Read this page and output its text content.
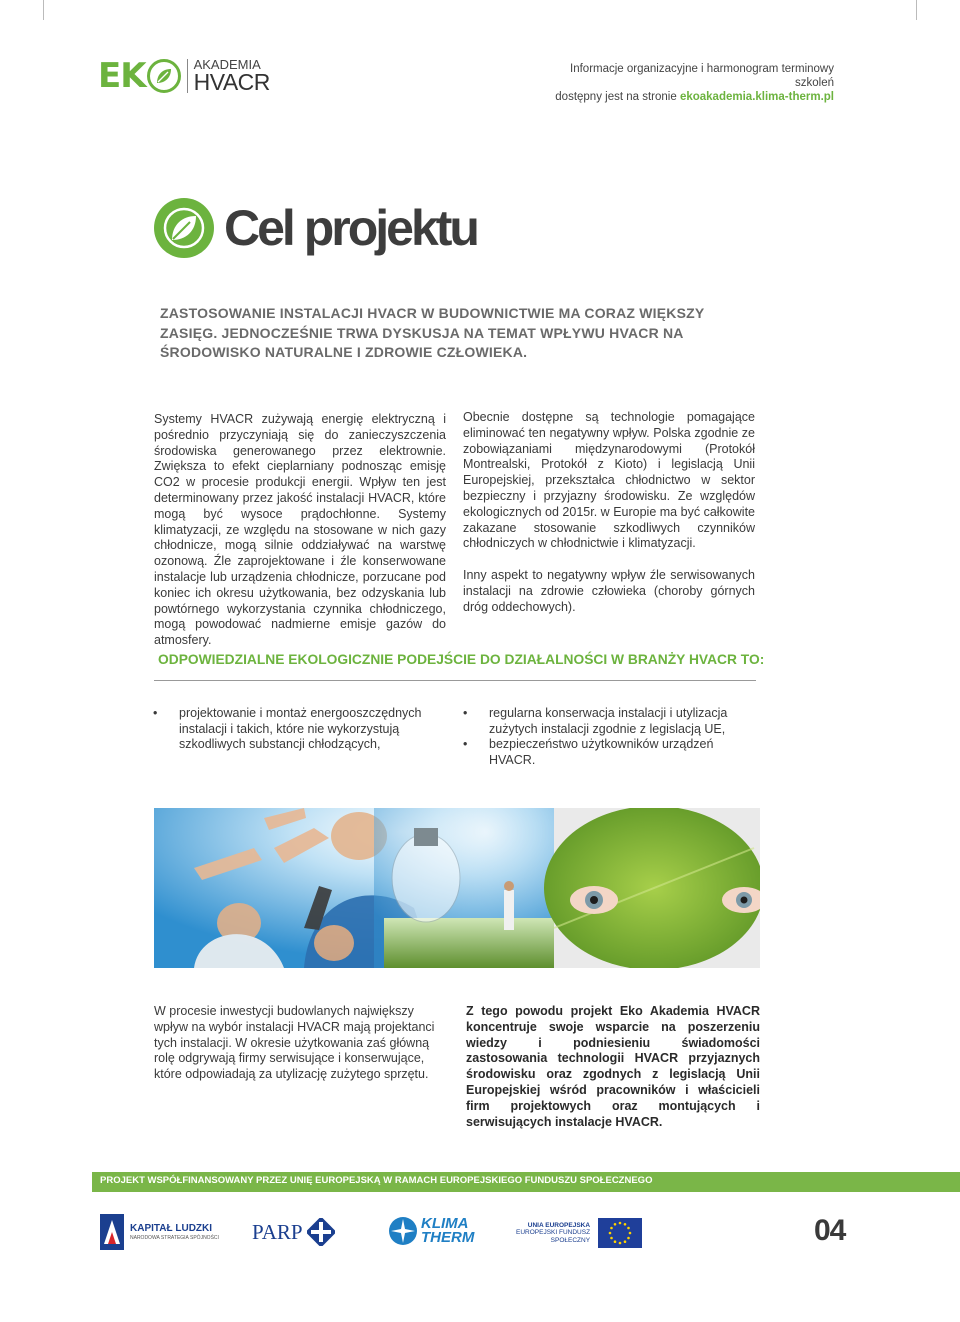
EK	AKADEMIA
HVACR	Informacje organizacyjne i harmonogram terminowy szkoleń
dostępny jest na stronie ekoakademia.klima-therm.pl
Cel projektu
ZASTOSOWANIE INSTALACJI HVACR W BUDOWNICTWIE MA CORAZ WIĘKSZY ZASIĘG. JEDNOCZEŚNIE TRWA DYSKUSJA NA TEMAT WPŁYWU HVACR NA ŚRODOWISKO NATURALNE I ZDROWIE CZŁOWIEKA.

Systemy HVACR zużywają energię elektryczną i pośrednio przyczyniają się do zanieczyszczenia środowiska generowanego przez elektrownie. Zwiększa to efekt cieplarniany podnosząc emisję CO2 w procesie produkcji energii. Wpływ ten jest determinowany przez jakość instalacji HVACR, które mogą być wysoce prądochłonne. Systemy klimatyzacji, ze względu na stosowane w nich gazy chłodnicze, mogą silnie oddziaływać na warstwę ozonową. Źle zaprojektowane i źle konserwowane instalacje lub urządzenia chłodnicze, porzucane pod koniec ich okresu użytkowania, bez odzyskania lub powtórnego wykorzystania czynnika chłodniczego, mogą powodować nadmierne emisje gazów do atmosfery.

Obecnie dostępne są technologie pomagające eliminować ten negatywny wpływ. Polska zgodnie ze zobowiązaniami międzynarodowymi (Protokół Montrealski, Protokół z Kioto) i legislacją Unii Europejskiej, przekształca chłodnictwo w sektor bezpieczny i przyjazny środowisku. Ze względów ekologicznych od 2015r. w Europie ma być całkowite zakazane stosowanie szkodliwych czynników chłodniczych w chłodnictwie i klimatyzacji.

Inny aspekt to negatywny wpływ źle serwisowanych instalacji na zdrowie człowieka (choroby górnych dróg oddechowych).

ODPOWIEDZIALNE EKOLOGICZNIE PODEJŚCIE DO DZIAŁALNOŚCI W BRANŻY HVACR TO:
• projektowanie i montaż energooszczędnych instalacji i takich, które nie wykorzystują szkodliwych substancji chłodzących,
• regularna konserwacja instalacji i utylizacja zużytych instalacji zgodnie z legislacją UE,
• bezpieczeństwo użytkowników urządzeń HVACR.
W procesie inwestycji budowlanych największy wpływ na wybór instalacji HVACR mają projektanci tych instalacji. W okresie użytkowania zaś główną rolę odgrywają firmy serwisujące i konserwujące, które odpowiadają za utylizację zużytego sprzętu.
Z tego powodu projekt Eko Akademia HVACR koncentruje swoje wsparcie na poszerzeniu wiedzy i podniesieniu świadomości zastosowania technologii HVACR przyjaznych środowisku oraz zgodnych z legislacją Unii Europejskiej wśród pracowników i właścicieli firm projektowych oraz montujących i serwisujących instalacje HVACR.
PROJEKT WSPÓŁFINANSOWANY PRZEZ UNIĘ EUROPEJSKĄ W RAMACH EUROPEJSKIEGO FUNDUSZU SPOŁECZNEGO
KAPITAŁ LUDZKI
NARODOWA STRATEGIA SPÓJNOŚCI PARP	KLIMA
THERM
UNIA EUROPEJSKA
EUROPEJSKI FUNDUSZ
SPOŁECZNY	04
